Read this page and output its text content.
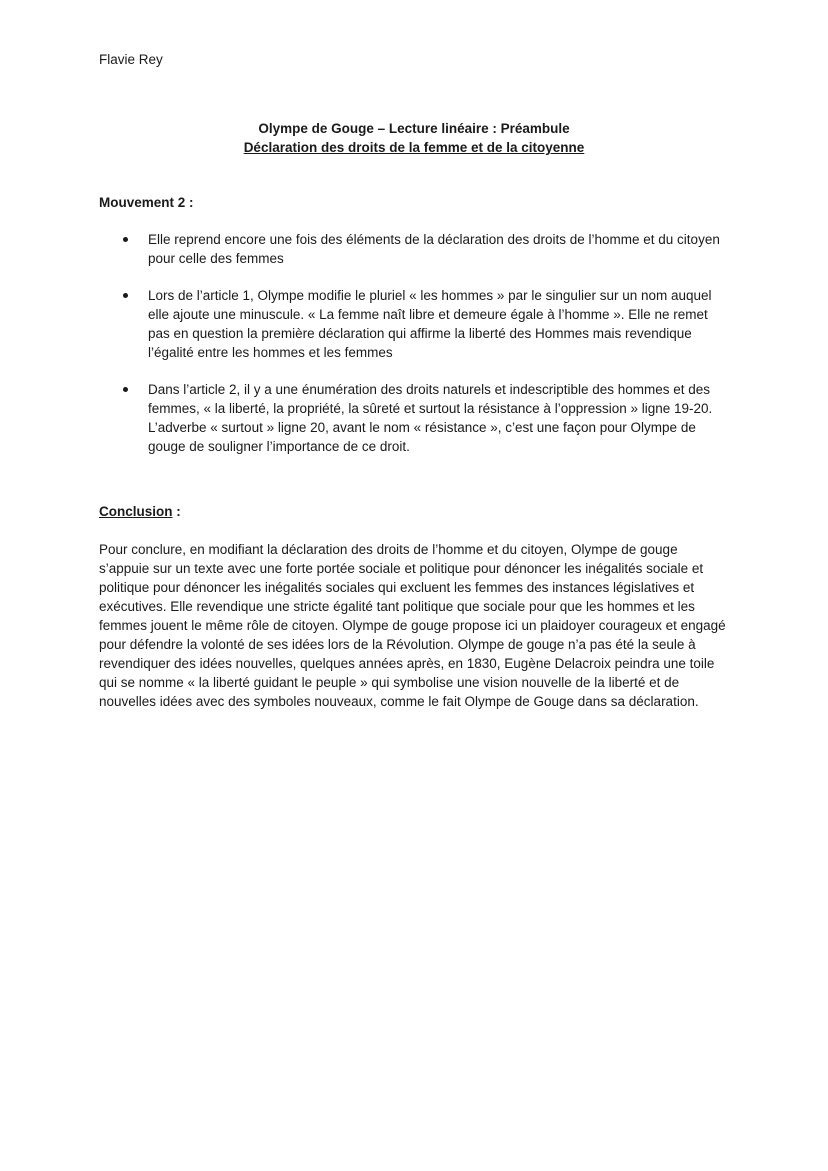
Flavie Rey
Olympe de Gouge – Lecture linéaire : Préambule
Déclaration des droits de la femme et de la citoyenne
Mouvement 2 :
Elle reprend encore une fois des éléments de la déclaration des droits de l’homme et du citoyen pour celle des femmes
Lors de l’article 1, Olympe modifie le pluriel « les hommes » par le singulier sur un nom auquel elle ajoute une minuscule. « La femme naît libre et demeure égale à l’homme ». Elle ne remet pas en question la première déclaration qui affirme la liberté des Hommes mais revendique l’égalité entre les hommes et les femmes
Dans l’article 2, il y a une énumération des droits naturels et indescriptible des hommes et des femmes, « la liberté, la propriété, la sûreté et surtout la résistance à l’oppression » ligne 19-20. L’adverbe « surtout » ligne 20, avant le nom « résistance », c’est une façon pour Olympe de gouge de souligner l’importance de ce droit.
Conclusion :

Pour conclure, en modifiant la déclaration des droits de l’homme et du citoyen, Olympe de gouge s’appuie sur un texte avec une forte portée sociale et politique pour dénoncer les inégalités sociale et politique pour dénoncer les inégalités sociales qui excluent les femmes des instances législatives et exécutives. Elle revendique une stricte égalité tant politique que sociale pour que les hommes et les femmes jouent le même rôle de citoyen. Olympe de gouge propose ici un plaidoyer courageux et engagé pour défendre la volonté de ses idées lors de la Révolution. Olympe de gouge n’a pas été la seule à revendiquer des idées nouvelles, quelques années après, en 1830, Eugène Delacroix peindra une toile qui se nomme « la liberté guidant le peuple » qui symbolise une vision nouvelle de la liberté et de nouvelles idées avec des symboles nouveaux, comme le fait Olympe de Gouge dans sa déclaration.
